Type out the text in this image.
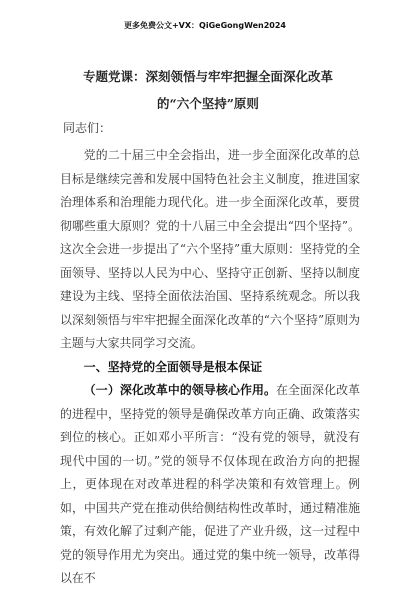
更多免费公文+VX：QiGeGongWen2024
专题党课：深刻领悟与牢牢把握全面深化改革的“六个坚持”原则
同志们：

党的二十届三中全会指出，进一步全面深化改革的总目标是继续完善和发展中国特色社会主义制度，推进国家治理体系和治理能力现代化。进一步全面深化改革，要贯彻哪些重大原则？党的十八届三中全会提出“四个坚持”。这次全会进一步提出了“六个坚持”重大原则：坚持党的全面领导、坚持以人民为中心、坚持守正创新、坚持以制度建设为主线、坚持全面依法治国、坚持系统观念。所以我以深刻领悟与牢牢把握全面深化改革的“六个坚持”原则为主题与大家共同学习交流。

一、坚持党的全面领导是根本保证

（一）深化改革中的领导核心作用。在全面深化改革的进程中，坚持党的领导是确保改革方向正确、政策落实到位的核心。正如邓小平所言：“没有党的领导，就没有现代中国的一切。”党的领导不仅体现在政治方向的把握上，更体现在对改革进程的科学决策和有效管理上。例如，中国共产党在推动供给侧结构性改革时，通过精准施策，有效化解了过剩产能，促进了产业升级，这一过程中党的领导作用尤为突出。通过党的集中统一领导，改革得以在不
